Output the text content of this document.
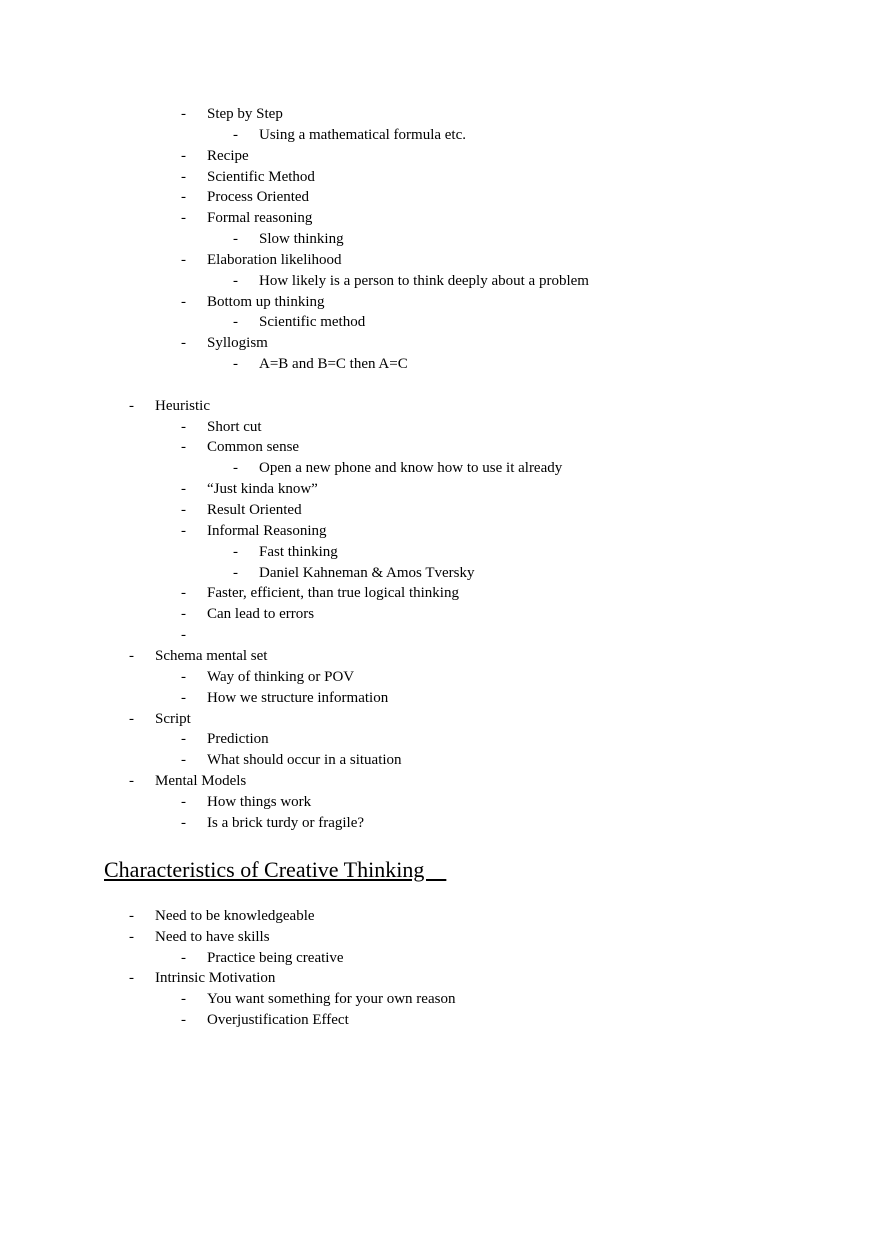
-	Step by Step
-	Using a mathematical formula etc.
-	Recipe
-	Scientific Method
-	Process Oriented
-	Formal reasoning
-	Slow thinking
-	Elaboration likelihood
-	How likely is a person to think deeply about a problem
-	Bottom up thinking
-	Scientific method
-	Syllogism
-	A=B and B=C then A=C
-	Heuristic
-	Short cut
-	Common sense
-	Open a new phone and know how to use it already
-	“Just kinda know”
-	Result Oriented
-	Informal Reasoning
-	Fast thinking
-	Daniel Kahneman & Amos Tversky
-	Faster, efficient, than true logical thinking
-	Can lead to errors
-
-	Schema mental set
-	Way of thinking or POV
-	How we structure information
-	Script
-	Prediction
-	What should occur in a situation
-	Mental Models
-	How things work
-	Is a brick turdy or fragile?
Characteristics of Creative Thinking
-	Need to be knowledgeable
-	Need to have skills
-	Practice being creative
-	Intrinsic Motivation
-	You want something for your own reason
-	Overjustification Effect
